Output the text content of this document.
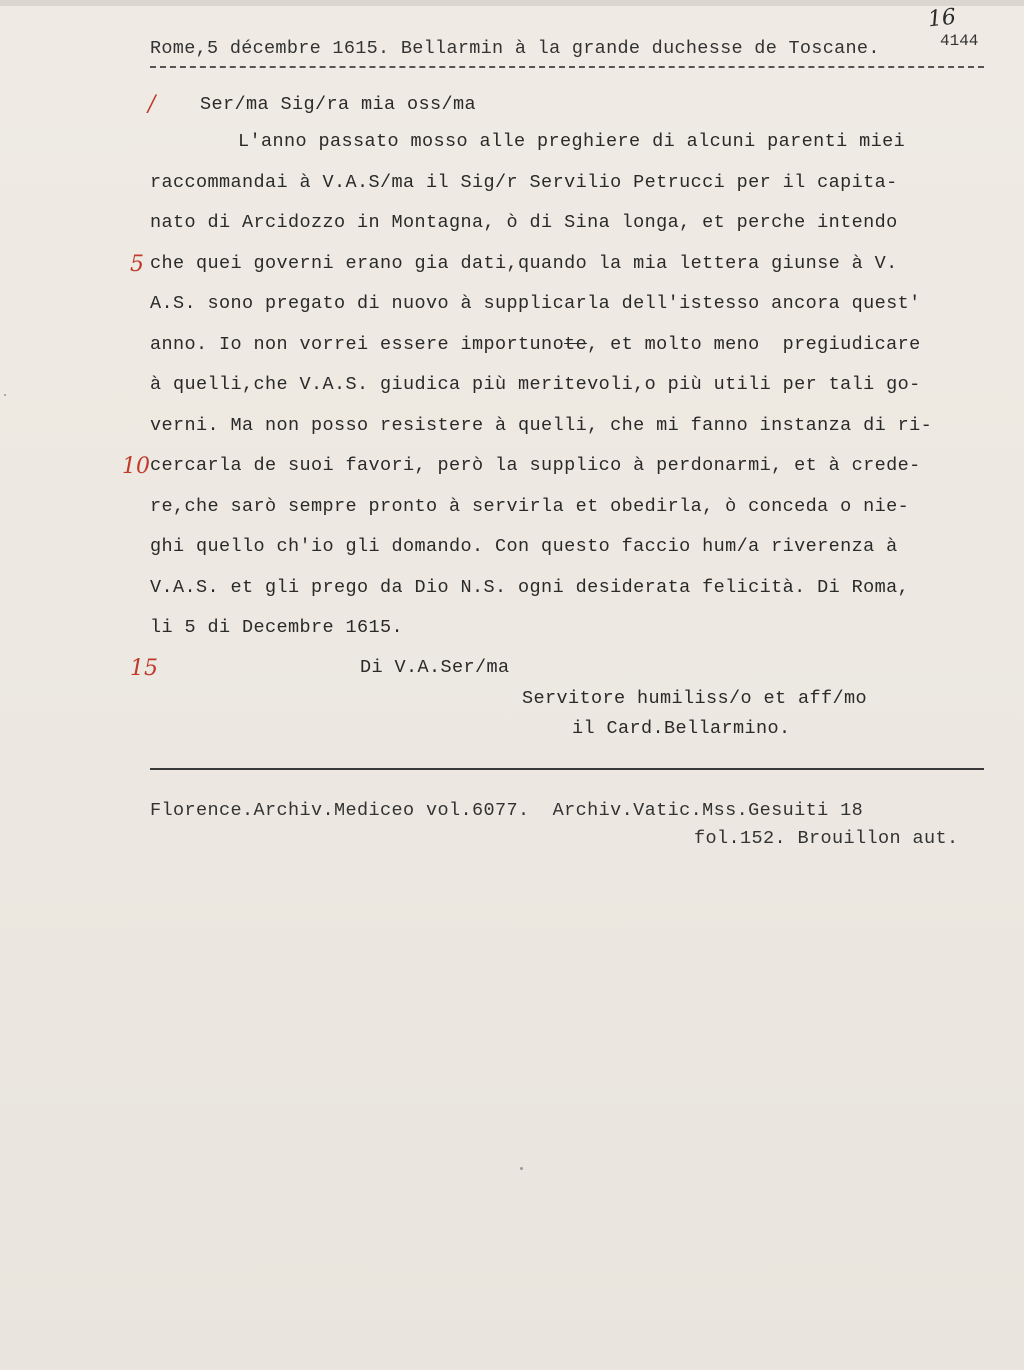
16
Rome,5 décembre 1615. Bellarmin à la grande duchesse de Toscane.	4144
/
5
10
15
Ser/ma Sig/ra mia oss/ma
L'anno passato mosso alle preghiere di alcuni parenti miei
raccommandai à V.A.S/ma il Sig/r Servilio Petrucci per il capita-
nato di Arcidozzo in Montagna, ò di Sina longa, et perche intendo
che quei governi erano gia dati,quando la mia lettera giunse à V.
A.S. sono pregato di nuovo à supplicarla dell'istesso ancora quest'
anno. Io non vorrei essere importunote, et molto meno  pregiudicare
à quelli,che V.A.S. giudica più meritevoli,o più utili per tali go-
verni. Ma non posso resistere à quelli, che mi fanno instanza di ri-
cercarla de suoi favori, però la supplico à perdonarmi, et à crede-
re,che sarò sempre pronto à servirla et obedirla, ò conceda o nie-
ghi quello ch'io gli domando. Con questo faccio hum/a riverenza à
V.A.S. et gli prego da Dio N.S. ogni desiderata felicità. Di Roma,
li 5 di Decembre 1615.
Di V.A.Ser/ma
Servitore humiliss/o et aff/mo
il Card.Bellarmino.
Florence.Archiv.Mediceo vol.6077.  Archiv.Vatic.Mss.Gesuiti 18
fol.152. Brouillon aut.
